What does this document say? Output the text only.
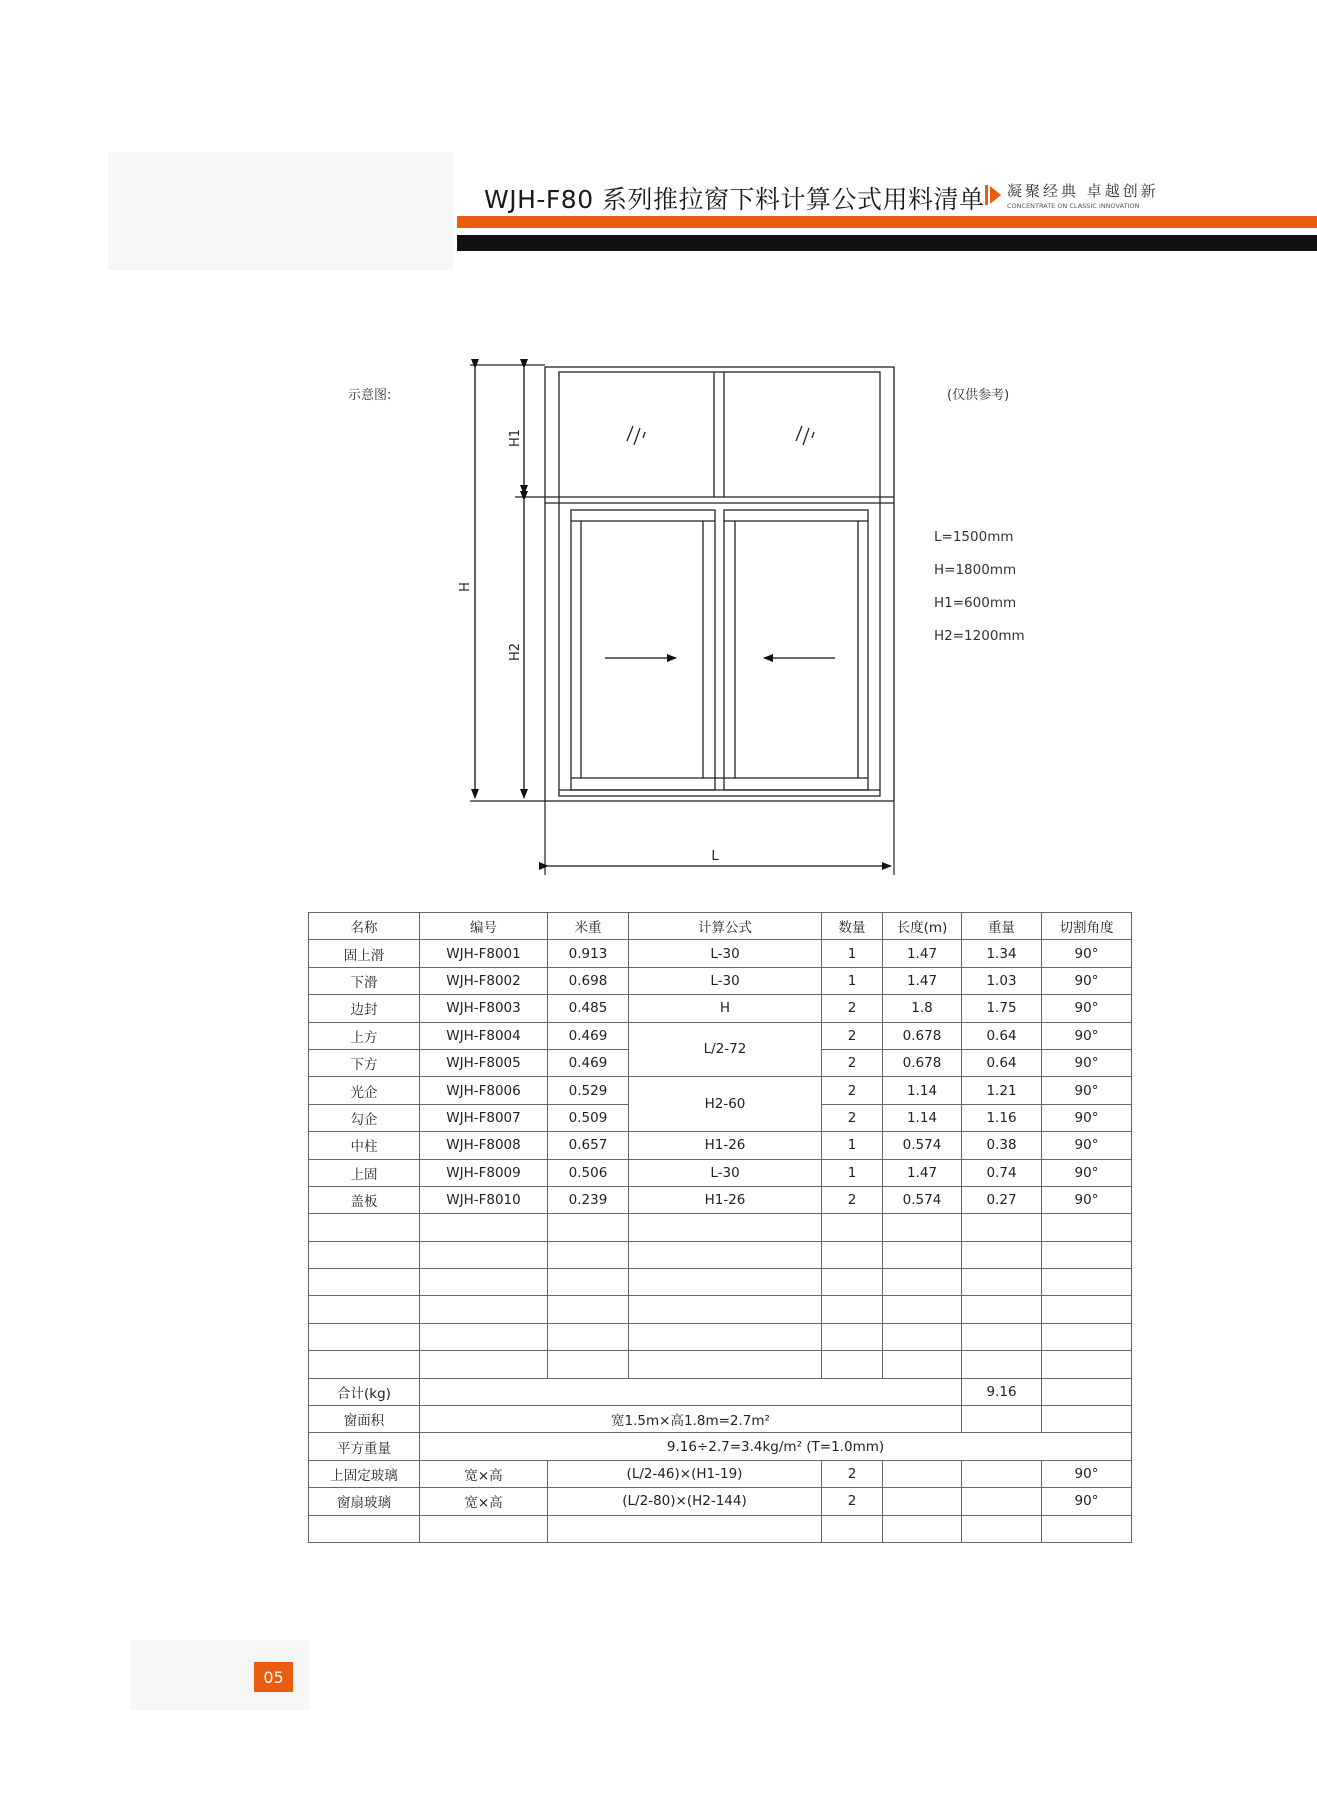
WJH-F80 系列推拉窗下料计算公式用料清单 凝聚经典 卓越创新
CONCENTRATE ON CLASSIC INNOVATION
示意图:	(仅供参考)
L=1500mm
H=1800mm
H1=600mm
H2=1200mm
H1
H
H2
L
名称	编号	米重	计算公式	数量	长度(m)	重量	切割角度
固上滑	WJH-F8001	0.913	L-30	1	1.47	1.34	90°
下滑	WJH-F8002	0.698	L-30	1	1.47	1.03	90°
边封	WJH-F8003	0.485	H	2	1.8	1.75	90°
上方	WJH-F8004	0.469	L/2-72	2	0.678	0.64	90°
下方	WJH-F8005	0.469		2	0.678	0.64	90°
光企	WJH-F8006	0.529	H2-60	2	1.14	1.21	90°
勾企	WJH-F8007	0.509		2	1.14	1.16	90°
中柱	WJH-F8008	0.657	H1-26	1	0.574	0.38	90°
上固	WJH-F8009	0.506	L-30	1	1.47	0.74	90°
盖板	WJH-F8010	0.239	H1-26	2	0.574	0.27	90°

合计(kg)						9.16	
窗面积	宽1.5m×高1.8m=2.7m²						
平方重量	9.16÷2.7=3.4kg/m² (T=1.0mm)						
上固定玻璃	宽×高	(L/2-46)×(H1-19)		2			90°
窗扇玻璃	宽×高	(L/2-80)×(H2-144)		2			90°

05
